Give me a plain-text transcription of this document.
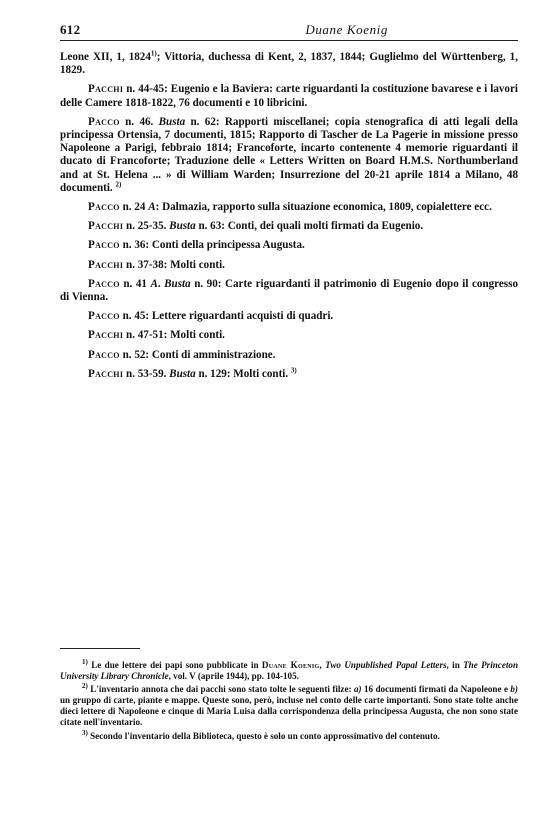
612	Duane Koenig

Leone XII, 1, 1824$^{1)}$; Vittoria, duchessa di Kent, 2, 1837, 1844; Guglielmo del Württenberg, 1, 1829.

Pacchi n. 44-45: Eugenio e la Baviera: carte riguardanti la costituzione bavarese e i lavori delle Camere 1818-1822, 76 documenti e 10 libricini.

Pacco n. 46. Busta n. 62: Rapporti miscellanei; copia stenografica di atti legali della principessa Ortensia, 7 documenti, 1815; Rapporto di Tascher de La Pagerie in missione presso Napoleone a Parigi, febbraio 1814; Francoforte, incarto contenente 4 memorie riguardanti il ducato di Francoforte; Traduzione delle « Letters Written on Board H.M.S. Northumberland and at St. Helena ... » di William Warden; Insurrezione del 20-21 aprile 1814 a Milano, 48 documenti. $^{2)}$

Pacco n. 24 A: Dalmazia, rapporto sulla situazione economica, 1809, copialettere ecc.

Pacchi n. 25-35. Busta n. 63: Conti, dei quali molti firmati da Eugenio.

Pacco n. 36: Conti della principessa Augusta.

Pacchi n. 37-38: Molti conti.

Pacco n. 41 A. Busta n. 90: Carte riguardanti il patrimonio di Eugenio dopo il congresso di Vienna.

Pacco n. 45: Lettere riguardanti acquisti di quadri.

Pacchi n. 47-51: Molti conti.

Pacco n. 52: Conti di amministrazione.

Pacchi n. 53-59. Busta n. 129: Molti conti. $^{3)}$

$^{1)}$ Le due lettere dei papi sono pubblicate in Duane Koenig, Two Unpublished Papal Letters, in The Princeton University Library Chronicle, vol. V (aprile 1944), pp. 104-105.

$^{2)}$ L'inventario annota che dai pacchi sono stato tolte le seguenti filze: a) 16 documenti firmati da Napoleone e b) un gruppo di carte, piante e mappe. Queste sono, però, incluse nel conto delle carte importanti. Sono state tolte anche dieci lettere di Napoleone e cinque di Maria Luisa dalla corrispondenza della principessa Augusta, che non sono state citate nell'inventario.

$^{3)}$ Secondo l'inventario della Biblioteca, questo è solo un conto approssimativo del contenuto.
